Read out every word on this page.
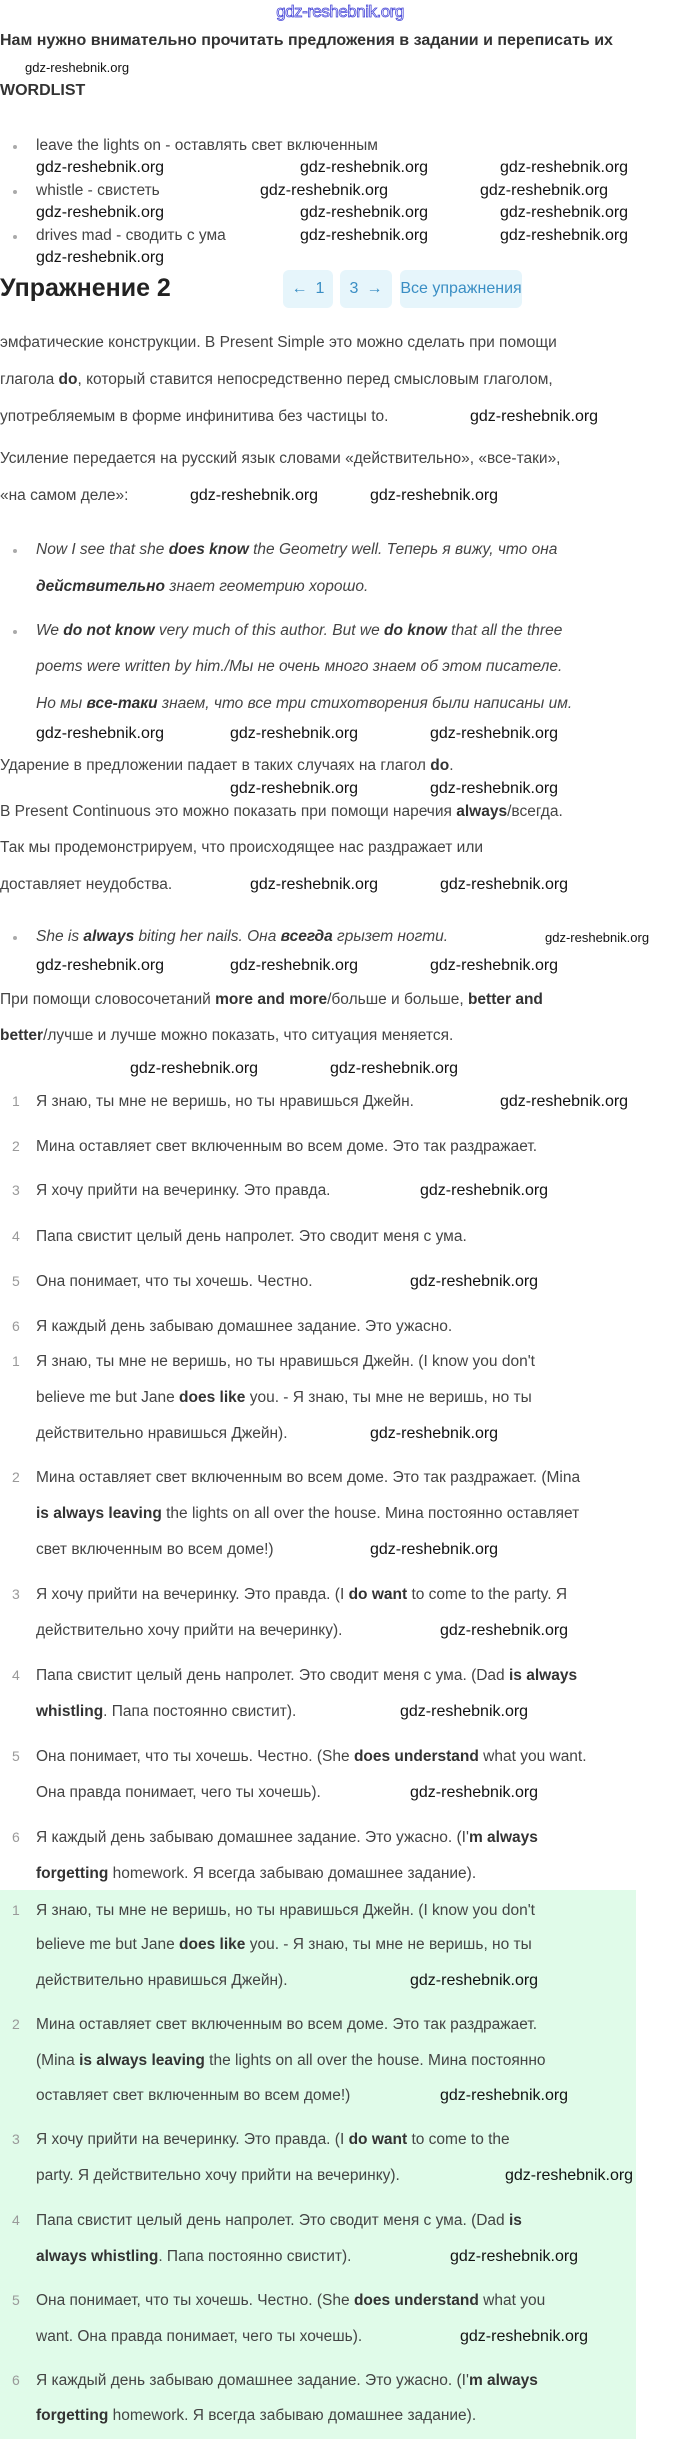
gdz-reshebnik.org
Нам нужно внимательно прочитать предложения в задании и переписать их
WORDLIST
leave the lights on - оставлять свет включенным
whistle - свистеть
drives mad - сводить с ума
Упражнение 2	← 1 3 → Все упражнения
эмфатические конструкции. В Present Simple это можно сделать при помощи
глагола do, который ставится непосредственно перед смысловым глаголом,
употребляемым в форме инфинитива без частицы to.
Усиление передается на русский язык словами «действительно», «все-таки»,
«на самом деле»:
Now I see that she does know the Geometry well. Теперь я вижу, что она
действительно знает геометрию хорошо.
We do not know very much of this author. But we do know that all the three
poems were written by him./Мы не очень много знаем об этом писателе.
Но мы все-таки знаем, что все три стихотворения были написаны им.
Ударение в предложении падает в таких случаях на глагол do.
В Present Continuous это можно показать при помощи наречия always/всегда.
Так мы продемонстрируем, что происходящее нас раздражает или
доставляет неудобства.
She is always biting her nails. Она всегда грызет ногти.
При помощи словосочетаний more and more/больше и больше, better and
better/лучше и лучше можно показать, что ситуация меняется.
1 Я знаю, ты мне не веришь, но ты нравишься Джейн.
2 Мина оставляет свет включенным во всем доме. Это так раздражает.
3 Я хочу прийти на вечеринку. Это правда.
4 Папа свистит целый день напролет. Это сводит меня с ума.
5 Она понимает, что ты хочешь. Честно.
6 Я каждый день забываю домашнее задание. Это ужасно.
1 Я знаю, ты мне не веришь, но ты нравишься Джейн. (I know you don't
believe me but Jane does like you. - Я знаю, ты мне не веришь, но ты
действительно нравишься Джейн).
2 Мина оставляет свет включенным во всем доме. Это так раздражает. (Mina
is always leaving the lights on all over the house. Мина постоянно оставляет
свет включенным во всем доме!)
3 Я хочу прийти на вечеринку. Это правда. (I do want to come to the party. Я
действительно хочу прийти на вечеринку).
4 Папа свистит целый день напролет. Это сводит меня с ума. (Dad is always
whistling. Папа постоянно свистит).
5 Она понимает, что ты хочешь. Честно. (She does understand what you want.
Она правда понимает, чего ты хочешь).
6 Я каждый день забываю домашнее задание. Это ужасно. (I'm always
forgetting homework. Я всегда забываю домашнее задание).
1 Я знаю, ты мне не веришь, но ты нравишься Джейн. (I know you don't
believe me but Jane does like you. - Я знаю, ты мне не веришь, но ты
действительно нравишься Джейн).
2 Мина оставляет свет включенным во всем доме. Это так раздражает.
(Mina is always leaving the lights on all over the house. Мина постоянно
оставляет свет включенным во всем доме!)
3 Я хочу прийти на вечеринку. Это правда. (I do want to come to the
party. Я действительно хочу прийти на вечеринку).
4 Папа свистит целый день напролет. Это сводит меня с ума. (Dad is
always whistling. Папа постоянно свистит).
5 Она понимает, что ты хочешь. Честно. (She does understand what you
want. Она правда понимает, чего ты хочешь).
6 Я каждый день забываю домашнее задание. Это ужасно. (I'm always
forgetting homework. Я всегда забываю домашнее задание).
gdz-reshebnik.org
gdz-reshebnik.org	gdz-reshebnik.org	gdz-reshebnik.org
gdz-reshebnik.org	gdz-reshebnik.org
gdz-reshebnik.org	gdz-reshebnik.org	gdz-reshebnik.org
gdz-reshebnik.org	gdz-reshebnik.org
gdz-reshebnik.org
gdz-reshebnik.org
gdz-reshebnik.org	gdz-reshebnik.org
gdz-reshebnik.org	gdz-reshebnik.org	gdz-reshebnik.org
gdz-reshebnik.org	gdz-reshebnik.org
gdz-reshebnik.org	gdz-reshebnik.org
gdz-reshebnik.org
gdz-reshebnik.org	gdz-reshebnik.org	gdz-reshebnik.org
gdz-reshebnik.org	gdz-reshebnik.org
gdz-reshebnik.org
gdz-reshebnik.org
gdz-reshebnik.org
gdz-reshebnik.org
gdz-reshebnik.org
gdz-reshebnik.org
gdz-reshebnik.org
gdz-reshebnik.org
gdz-reshebnik.org
gdz-reshebnik.org
gdz-reshebnik.org
gdz-reshebnik.org
gdz-reshebnik.org
